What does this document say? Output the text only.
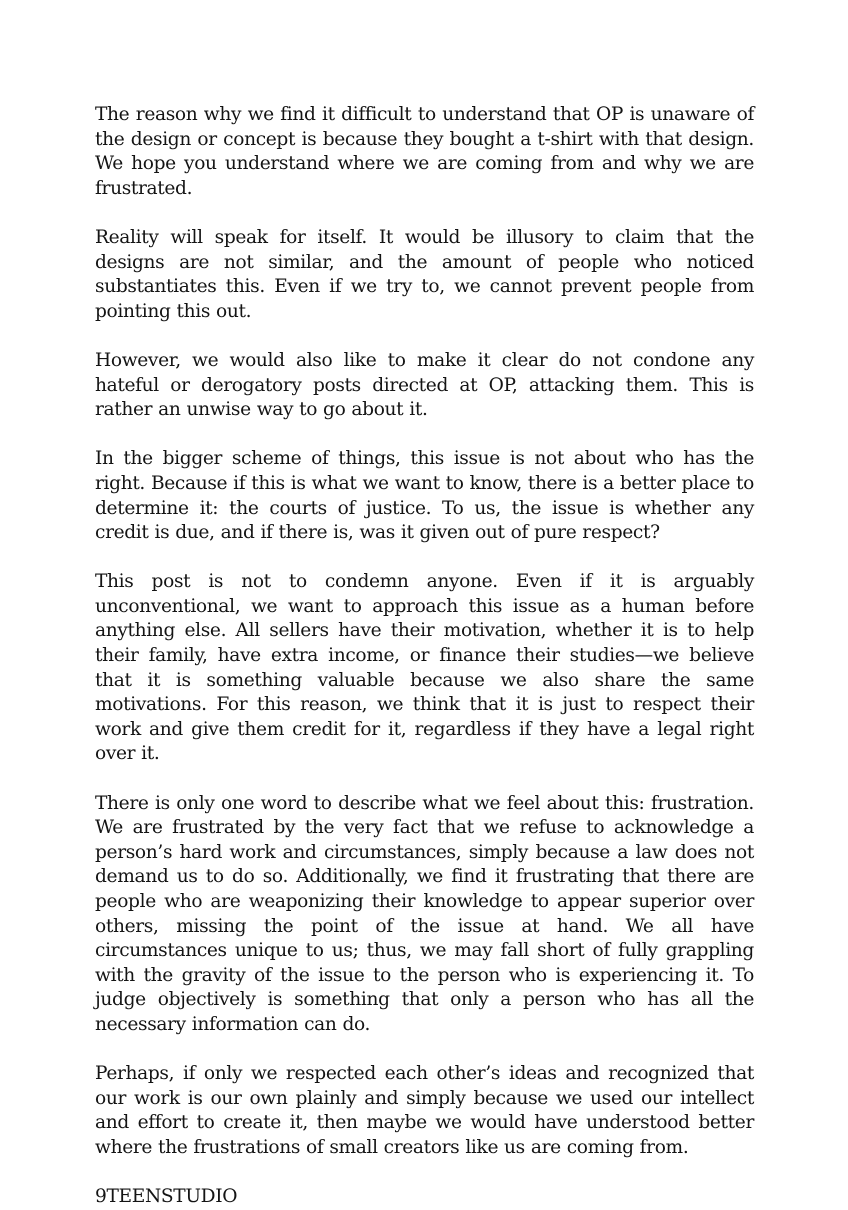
The reason why we find it difficult to understand that OP is unaware of the design or concept is because they bought a t-shirt with that design. We hope you understand where we are coming from and why we are frustrated.

Reality will speak for itself. It would be illusory to claim that the designs are not similar, and the amount of people who noticed substantiates this. Even if we try to, we cannot prevent people from pointing this out.

However, we would also like to make it clear do not condone any hateful or derogatory posts directed at OP, attacking them. This is rather an unwise way to go about it.

In the bigger scheme of things, this issue is not about who has the right. Because if this is what we want to know, there is a better place to determine it: the courts of justice. To us, the issue is whether any credit is due, and if there is, was it given out of pure respect?

This post is not to condemn anyone. Even if it is arguably unconventional, we want to approach this issue as a human before anything else. All sellers have their motivation, whether it is to help their family, have extra income, or finance their studies—we believe that it is something valuable because we also share the same motivations. For this reason, we think that it is just to respect their work and give them credit for it, regardless if they have a legal right over it.

There is only one word to describe what we feel about this: frustration. We are frustrated by the very fact that we refuse to acknowledge a person’s hard work and circumstances, simply because a law does not demand us to do so. Additionally, we find it frustrating that there are people who are weaponizing their knowledge to appear superior over others, missing the point of the issue at hand. We all have circumstances unique to us; thus, we may fall short of fully grappling with the gravity of the issue to the person who is experiencing it. To judge objectively is something that only a person who has all the necessary information can do.

Perhaps, if only we respected each other’s ideas and recognized that our work is our own plainly and simply because we used our intellect and effort to create it, then maybe we would have understood better where the frustrations of small creators like us are coming from.

9TEENSTUDIO
